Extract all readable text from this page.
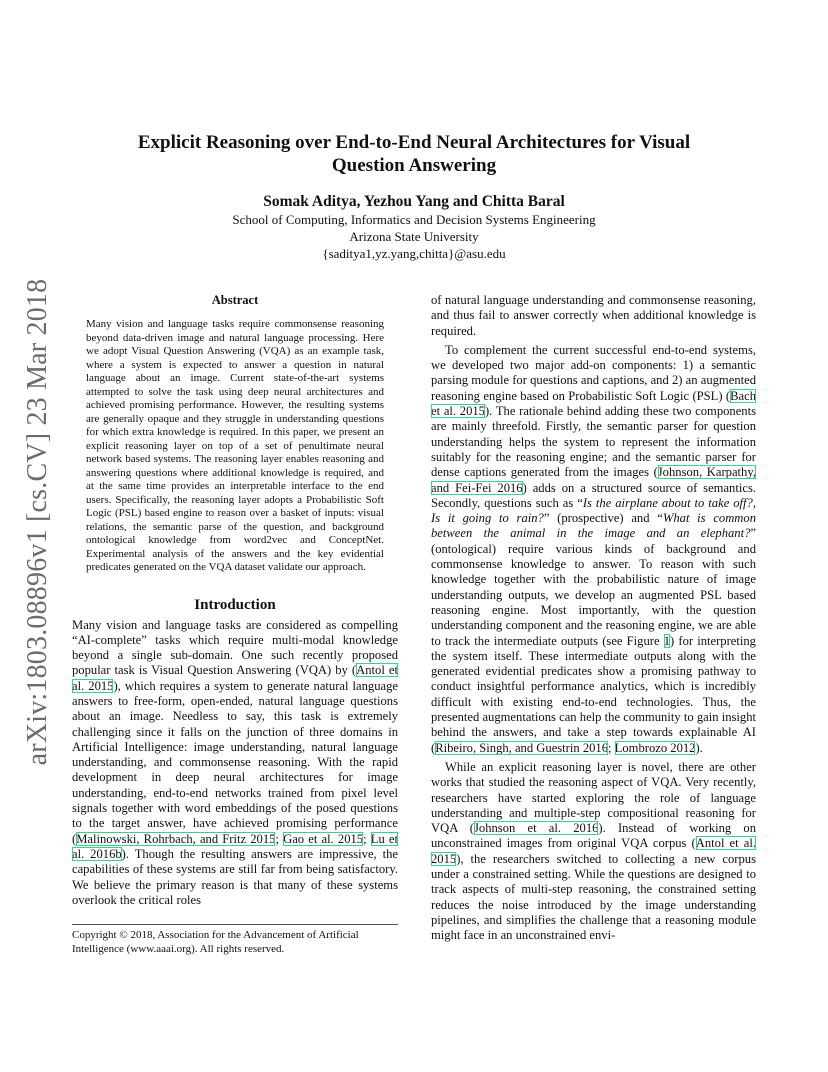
arXiv:1803.08896v1 [cs.CV] 23 Mar 2018
Explicit Reasoning over End-to-End Neural Architectures for Visual Question Answering
Somak Aditya, Yezhou Yang and Chitta Baral
School of Computing, Informatics and Decision Systems Engineering
Arizona State University
{saditya1,yz.yang,chitta}@asu.edu
Abstract

Many vision and language tasks require commonsense reasoning beyond data-driven image and natural language processing. Here we adopt Visual Question Answering (VQA) as an example task, where a system is expected to answer a question in natural language about an image. Current state-of-the-art systems attempted to solve the task using deep neural architectures and achieved promising performance. However, the resulting systems are generally opaque and they struggle in understanding questions for which extra knowledge is required. In this paper, we present an explicit reasoning layer on top of a set of penultimate neural network based systems. The reasoning layer enables reasoning and answering questions where additional knowledge is required, and at the same time provides an interpretable interface to the end users. Specifically, the reasoning layer adopts a Probabilistic Soft Logic (PSL) based engine to reason over a basket of inputs: visual relations, the semantic parse of the question, and background ontological knowledge from word2vec and ConceptNet. Experimental analysis of the answers and the key evidential predicates generated on the VQA dataset validate our approach.

Introduction

Many vision and language tasks are considered as compelling “AI-complete” tasks which require multi-modal knowledge beyond a single sub-domain. One such recently proposed popular task is Visual Question Answering (VQA) by (Antol et al. 2015), which requires a system to generate natural language answers to free-form, open-ended, natural language questions about an image. Needless to say, this task is extremely challenging since it falls on the junction of three domains in Artificial Intelligence: image understanding, natural language understanding, and commonsense reasoning. With the rapid development in deep neural architectures for image understanding, end-to-end networks trained from pixel level signals together with word embeddings of the posed questions to the target answer, have achieved promising performance (Malinowski, Rohrbach, and Fritz 2015; Gao et al. 2015; Lu et al. 2016b). Though the resulting answers are impressive, the capabilities of these systems are still far from being satisfactory. We believe the primary reason is that many of these systems overlook the critical roles

Copyright © 2018, Association for the Advancement of Artificial Intelligence (www.aaai.org). All rights reserved.

of natural language understanding and commonsense reasoning, and thus fail to answer correctly when additional knowledge is required.

To complement the current successful end-to-end systems, we developed two major add-on components: 1) a semantic parsing module for questions and captions, and 2) an augmented reasoning engine based on Probabilistic Soft Logic (PSL) (Bach et al. 2015). The rationale behind adding these two components are mainly threefold. Firstly, the semantic parser for question understanding helps the system to represent the information suitably for the reasoning engine; and the semantic parser for dense captions generated from the images (Johnson, Karpathy, and Fei-Fei 2016) adds on a structured source of semantics. Secondly, questions such as “Is the airplane about to take off?, Is it going to rain?” (prospective) and “What is common between the animal in the image and an elephant?” (ontological) require various kinds of background and commonsense knowledge to answer. To reason with such knowledge together with the probabilistic nature of image understanding outputs, we develop an augmented PSL based reasoning engine. Most importantly, with the question understanding component and the reasoning engine, we are able to track the intermediate outputs (see Figure 1) for interpreting the system itself. These intermediate outputs along with the generated evidential predicates show a promising pathway to conduct insightful performance analytics, which is incredibly difficult with existing end-to-end technologies. Thus, the presented augmentations can help the community to gain insight behind the answers, and take a step towards explainable AI (Ribeiro, Singh, and Guestrin 2016; Lombrozo 2012).

While an explicit reasoning layer is novel, there are other works that studied the reasoning aspect of VQA. Very recently, researchers have started exploring the role of language understanding and multiple-step compositional reasoning for VQA (Johnson et al. 2016). Instead of working on unconstrained images from original VQA corpus (Antol et al. 2015), the researchers switched to collecting a new corpus under a constrained setting. While the questions are designed to track aspects of multi-step reasoning, the constrained setting reduces the noise introduced by the image understanding pipelines, and simplifies the challenge that a reasoning module might face in an unconstrained envi-
